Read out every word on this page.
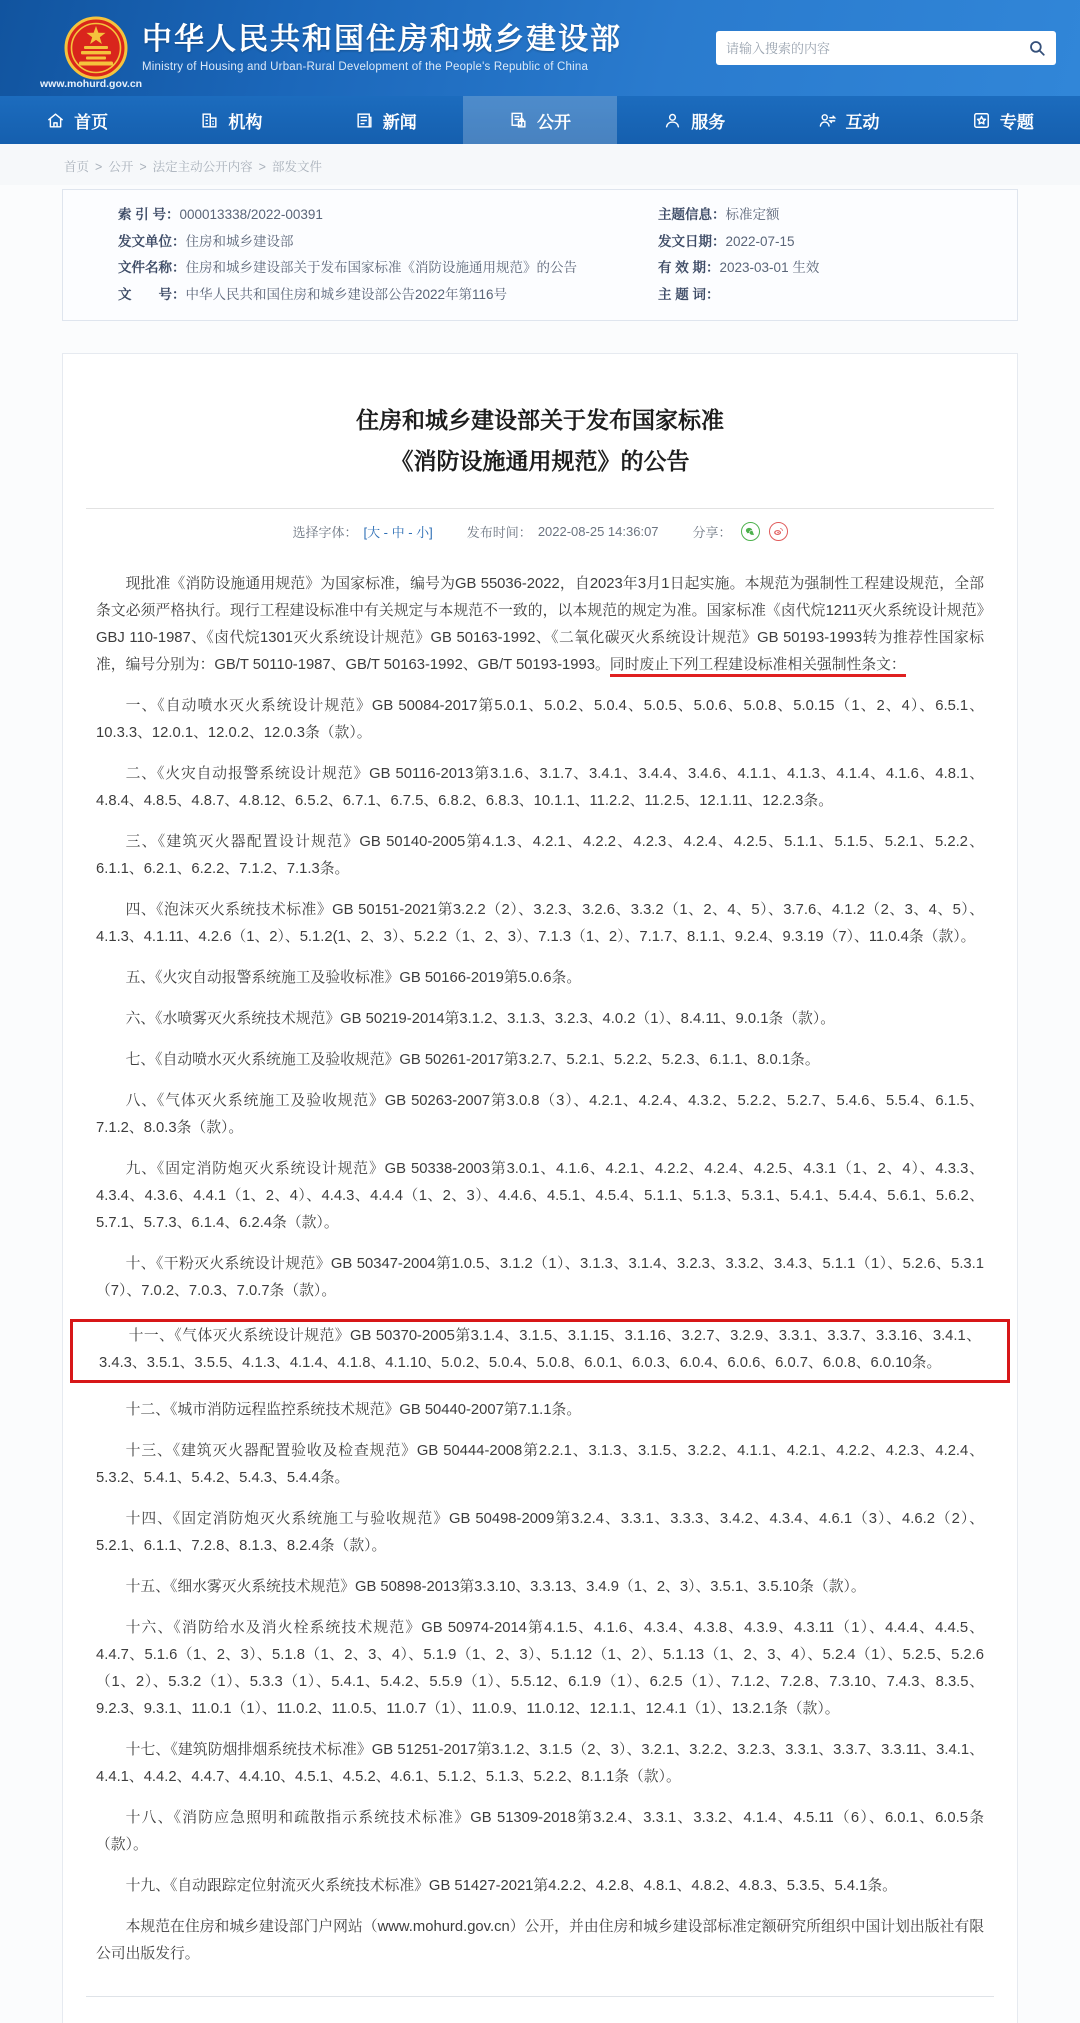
中华人民共和国住房和城乡建设部
Ministry of Housing and Urban-Rural Development of the People's Republic of China
www.mohurd.gov.cn
请输入搜索的内容
首页	机构	新闻	公开	服务	互动	专题
首页 > 公开 > 法定主动公开内容 > 部发文件
索 引 号：000013338/2022-00391	主题信息：标准定额
发文单位：住房和城乡建设部	发文日期：2022-07-15
文件名称：住房和城乡建设部关于发布国家标准《消防设施通用规范》的公告	有 效 期：2023-03-01 生效
文　　号：中华人民共和国住房和城乡建设部公告2022年第116号	主 题 词：
住房和城乡建设部关于发布国家标准
《消防设施通用规范》的公告
选择字体： [大 - 中 - 小]	发布时间： 2022-08-25 14:36:07	分享：

现批准《消防设施通用规范》为国家标准，编号为GB 55036-2022，自2023年3月1日起实施。本规范为强制性工程建设规范，全部条文必须严格执行。现行工程建设标准中有关规定与本规范不一致的，以本规范的规定为准。国家标准《卤代烷1211灭火系统设计规范》GBJ 110-1987、《卤代烷1301灭火系统设计规范》GB 50163-1992、《二氧化碳灭火系统设计规范》GB 50193-1993转为推荐性国家标准，编号分别为：GB/T 50110-1987、GB/T 50163-1992、GB/T 50193-1993。同时废止下列工程建设标准相关强制性条文：

一、《自动喷水灭火系统设计规范》GB 50084-2017第5.0.1、5.0.2、5.0.4、5.0.5、5.0.6、5.0.8、5.0.15（1、2、4）、6.5.1、10.3.3、12.0.1、12.0.2、12.0.3条（款）。

二、《火灾自动报警系统设计规范》GB 50116-2013第3.1.6、3.1.7、3.4.1、3.4.4、3.4.6、4.1.1、4.1.3、4.1.4、4.1.6、4.8.1、4.8.4、4.8.5、4.8.7、4.8.12、6.5.2、6.7.1、6.7.5、6.8.2、6.8.3、10.1.1、11.2.2、11.2.5、12.1.11、12.2.3条。

三、《建筑灭火器配置设计规范》GB 50140-2005第4.1.3、4.2.1、4.2.2、4.2.3、4.2.4、4.2.5、5.1.1、5.1.5、5.2.1、5.2.2、6.1.1、6.2.1、6.2.2、7.1.2、7.1.3条。

四、《泡沫灭火系统技术标准》GB 50151-2021第3.2.2（2）、3.2.3、3.2.6、3.3.2（1、2、4、5）、3.7.6、4.1.2（2、3、4、5）、4.1.3、4.1.11、4.2.6（1、2）、5.1.2(1、2、3）、5.2.2（1、2、3）、7.1.3（1、2）、7.1.7、8.1.1、9.2.4、9.3.19（7）、11.0.4条（款）。

五、《火灾自动报警系统施工及验收标准》GB 50166-2019第5.0.6条。

六、《水喷雾灭火系统技术规范》GB 50219-2014第3.1.2、3.1.3、3.2.3、4.0.2（1）、8.4.11、9.0.1条（款）。

七、《自动喷水灭火系统施工及验收规范》GB 50261-2017第3.2.7、5.2.1、5.2.2、5.2.3、6.1.1、8.0.1条。

八、《气体灭火系统施工及验收规范》GB 50263-2007第3.0.8（3）、4.2.1、4.2.4、4.3.2、5.2.2、5.2.7、5.4.6、5.5.4、6.1.5、7.1.2、8.0.3条（款）。

九、《固定消防炮灭火系统设计规范》GB 50338-2003第3.0.1、4.1.6、4.2.1、4.2.2、4.2.4、4.2.5、4.3.1（1、2、4）、4.3.3、4.3.4、4.3.6、4.4.1（1、2、4）、4.4.3、4.4.4（1、2、3）、4.4.6、4.5.1、4.5.4、5.1.1、5.1.3、5.3.1、5.4.1、5.4.4、5.6.1、5.6.2、5.7.1、5.7.3、6.1.4、6.2.4条（款）。

十、《干粉灭火系统设计规范》GB 50347-2004第1.0.5、3.1.2（1）、3.1.3、3.1.4、3.2.3、3.3.2、3.4.3、5.1.1（1）、5.2.6、5.3.1（7）、7.0.2、7.0.3、7.0.7条（款）。

十一、《气体灭火系统设计规范》GB 50370-2005第3.1.4、3.1.5、3.1.15、3.1.16、3.2.7、3.2.9、3.3.1、3.3.7、3.3.16、3.4.1、3.4.3、3.5.1、3.5.5、4.1.3、4.1.4、4.1.8、4.1.10、5.0.2、5.0.4、5.0.8、6.0.1、6.0.3、6.0.4、6.0.6、6.0.7、6.0.8、6.0.10条。

十二、《城市消防远程监控系统技术规范》GB 50440-2007第7.1.1条。

十三、《建筑灭火器配置验收及检查规范》GB 50444-2008第2.2.1、3.1.3、3.1.5、3.2.2、4.1.1、4.2.1、4.2.2、4.2.3、4.2.4、5.3.2、5.4.1、5.4.2、5.4.3、5.4.4条。

十四、《固定消防炮灭火系统施工与验收规范》GB 50498-2009第3.2.4、3.3.1、3.3.3、3.4.2、4.3.4、4.6.1（3）、4.6.2（2）、5.2.1、6.1.1、7.2.8、8.1.3、8.2.4条（款）。

十五、《细水雾灭火系统技术规范》GB 50898-2013第3.3.10、3.3.13、3.4.9（1、2、3）、3.5.1、3.5.10条（款）。

十六、《消防给水及消火栓系统技术规范》GB 50974-2014第4.1.5、4.1.6、4.3.4、4.3.8、4.3.9、4.3.11（1）、4.4.4、4.4.5、4.4.7、5.1.6（1、2、3）、5.1.8（1、2、3、4）、5.1.9（1、2、3）、5.1.12（1、2）、5.1.13（1、2、3、4）、5.2.4（1）、5.2.5、5.2.6（1、2）、5.3.2（1）、5.3.3（1）、5.4.1、5.4.2、5.5.9（1）、5.5.12、6.1.9（1）、6.2.5（1）、7.1.2、7.2.8、7.3.10、7.4.3、8.3.5、9.2.3、9.3.1、11.0.1（1）、11.0.2、11.0.5、11.0.7（1）、11.0.9、11.0.12、12.1.1、12.4.1（1）、13.2.1条（款）。

十七、《建筑防烟排烟系统技术标准》GB 51251-2017第3.1.2、3.1.5（2、3）、3.2.1、3.2.2、3.2.3、3.3.1、3.3.7、3.3.11、3.4.1、4.4.1、4.4.2、4.4.7、4.4.10、4.5.1、4.5.2、4.6.1、5.1.2、5.1.3、5.2.2、8.1.1条（款）。

十八、《消防应急照明和疏散指示系统技术标准》GB 51309-2018第3.2.4、3.3.1、3.3.2、4.1.4、4.5.11（6）、6.0.1、6.0.5条（款）。

十九、《自动跟踪定位射流灭火系统技术标准》GB 51427-2021第4.2.2、4.2.8、4.8.1、4.8.2、4.8.3、5.3.5、5.4.1条。

本规范在住房和城乡建设部门户网站（www.mohurd.gov.cn）公开，并由住房和城乡建设部标准定额研究所组织中国计划出版社有限公司出版发行。
